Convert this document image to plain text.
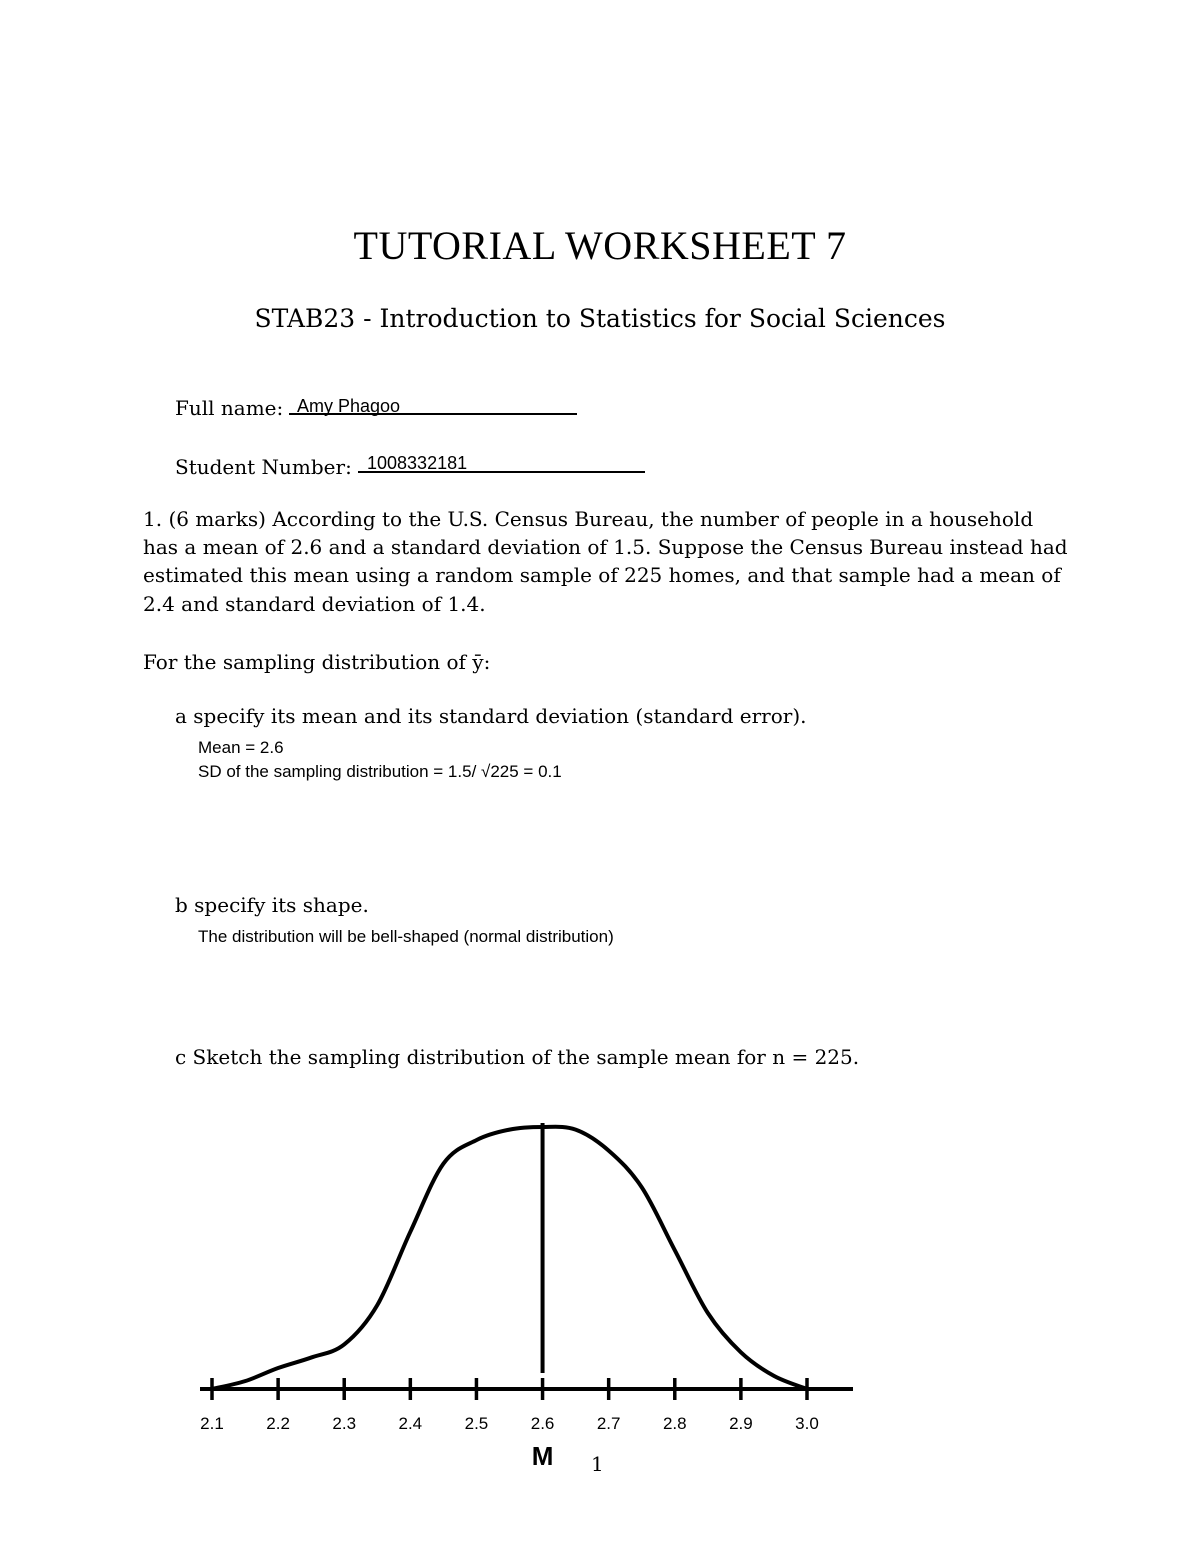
TUTORIAL WORKSHEET 7
STAB23 - Introduction to Statistics for Social Sciences
Full name: Amy Phagoo
Student Number: 1008332181
1. (6 marks) According to the U.S. Census Bureau, the number of people in a household
has a mean of 2.6 and a standard deviation of 1.5. Suppose the Census Bureau instead had
estimated this mean using a random sample of 225 homes, and that sample had a mean of
2.4 and standard deviation of 1.4.
For the sampling distribution of ȳ:
a specify its mean and its standard deviation (standard error).
Mean = 2.6
SD of the sampling distribution = 1.5/ √225 = 0.1
b specify its shape.
The distribution will be bell-shaped (normal distribution)
c Sketch the sampling distribution of the sample mean for n = 225.
2.1 2.2 2.3 2.4 2.5 2.6 2.7 2.8 2.9 3.0
M 1
